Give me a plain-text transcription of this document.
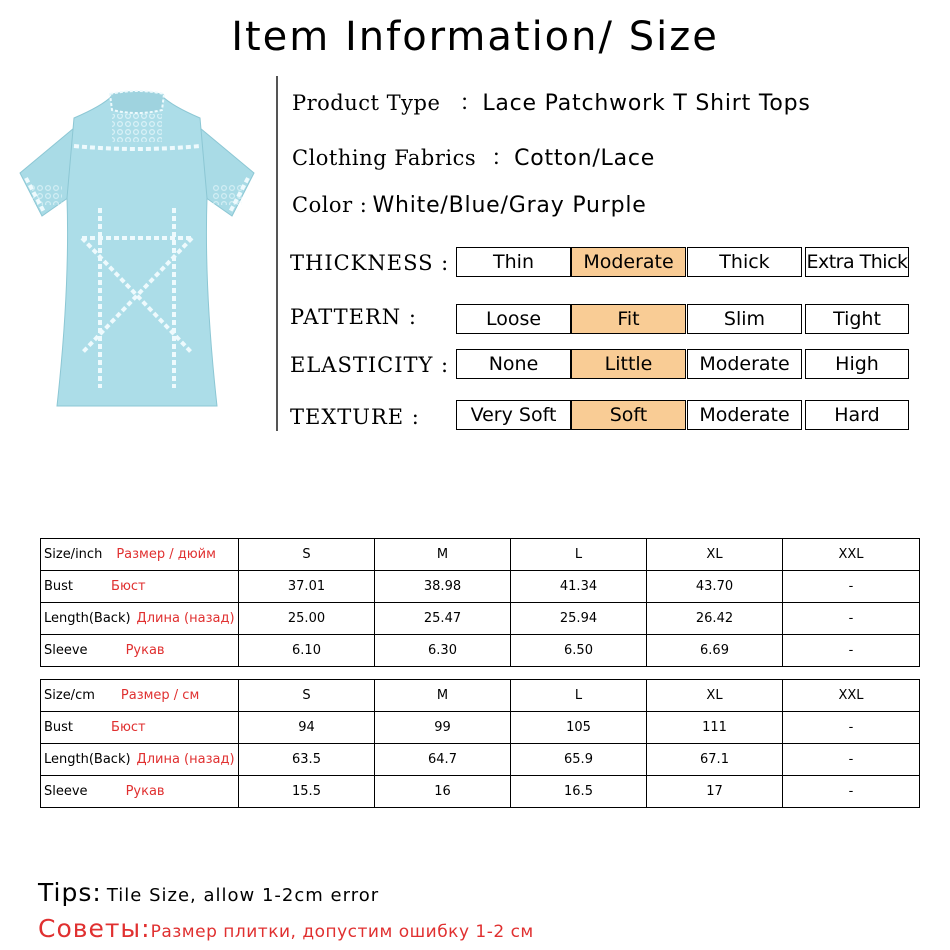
Item Information/ Size
Product Type ：Lace Patchwork T Shirt Tops
Clothing Fabrics ：Cotton/Lace
Color : White/Blue/Gray Purple
THICKNESS :	Thin	Moderate	Thick	Extra Thick
PATTERN :	Loose	Fit	Slim	Tight
ELASTICITY :	None	Little	Moderate	High
TEXTURE :	Very Soft	Soft	Moderate	Hard
Size/inch Размер / дюйм	S	M	L	XL	XXL
Bust Бюст	37.01	38.98	41.34	43.70	-
Length(Back) Длина (назад)	25.00	25.47	25.94	26.42	-
Sleeve Рукав	6.10	6.30	6.50	6.69	-
Size/cm Размер / см	S	M	L	XL	XXL
Bust Бюст	94	99	105	111	-
Length(Back) Длина (назад)	63.5	64.7	65.9	67.1	-
Sleeve Рукав	15.5	16	16.5	17	-
Tips: Tile Size, allow 1-2cm error
Советы:Размер плитки, допустим ошибку 1-2 см
